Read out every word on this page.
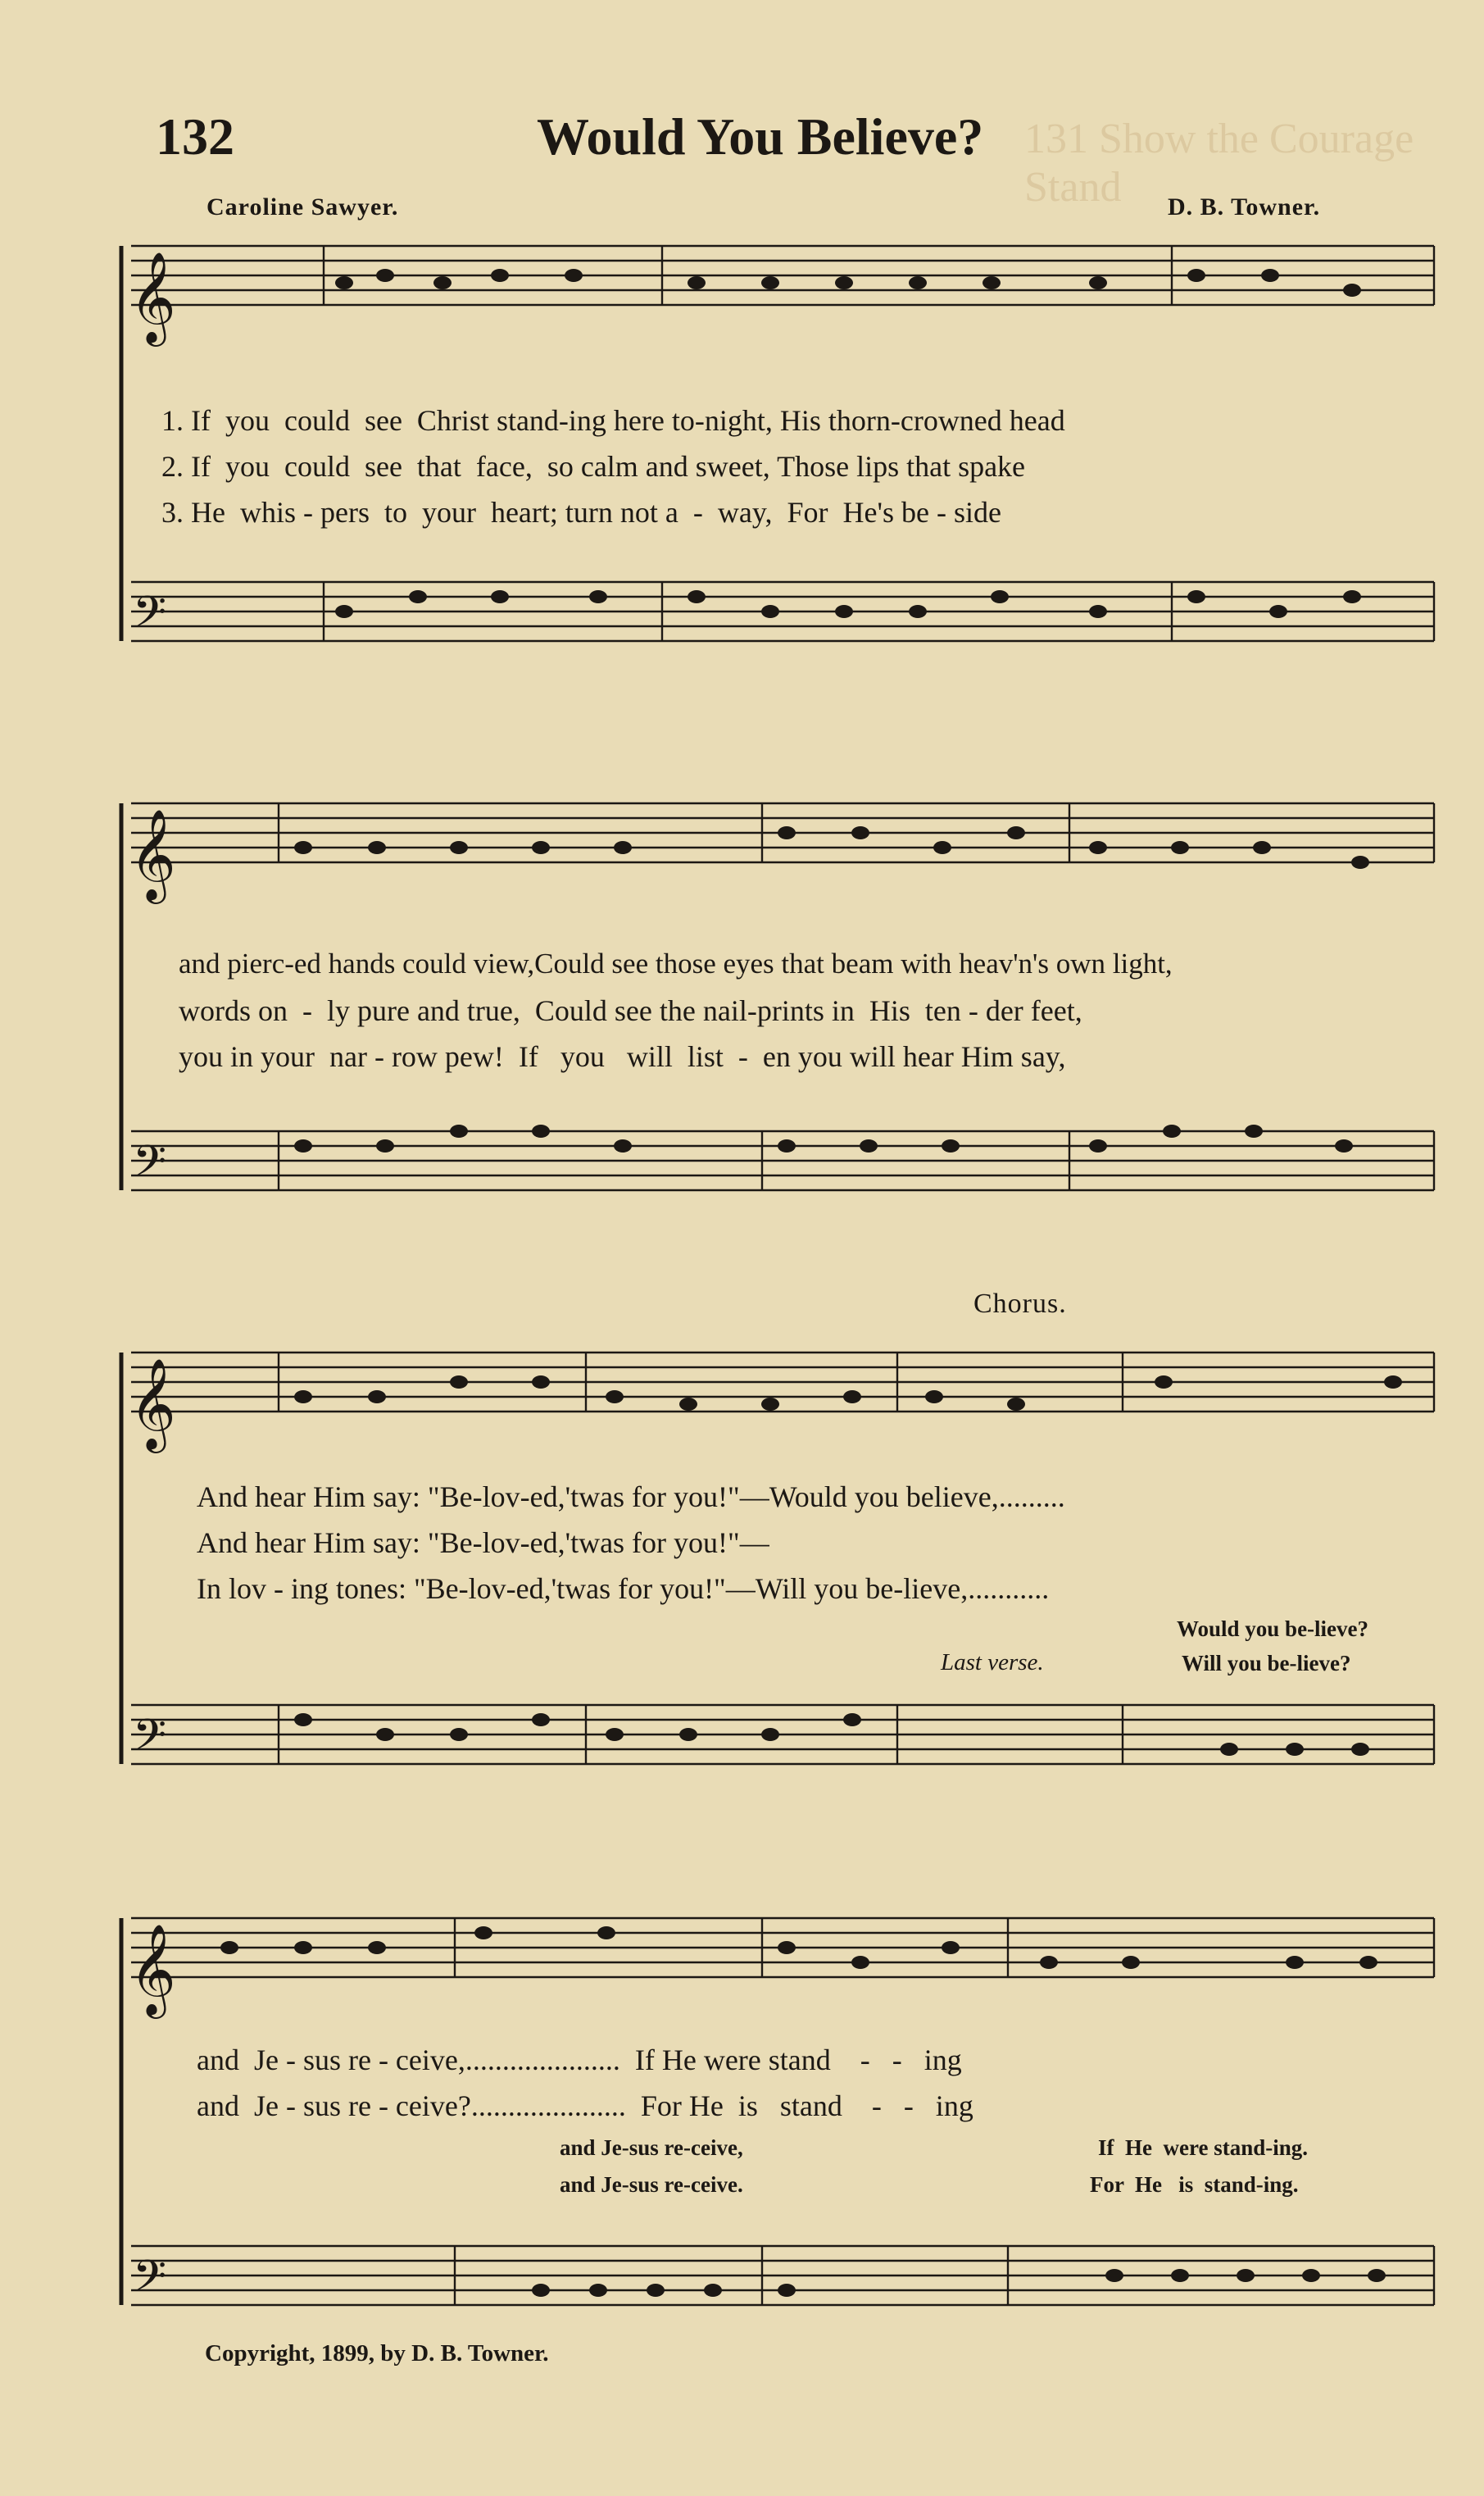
132	Would You Believe? 131 Show the Courage Stand
Caroline Sawyer.	D. B. Towner.
𝄞
𝄞
𝄞
𝄞
𝄢
𝄢
𝄢
𝄢
1. If  you  could  see  Christ stand-ing here to-night, His thorn-crowned head
2. If  you  could  see  that  face,  so calm and sweet, Those lips that spake
3. He  whis - pers  to  your  heart; turn not a  -  way,  For  He's be - side
and pierc-ed hands could view,Could see those eyes that beam with heav'n's own light,
words on  -  ly pure and true,  Could see the nail-prints in  His  ten - der feet,
you in your  nar - row pew!  If   you   will  list  -  en you will hear Him say,
Chorus.
And hear Him say: "Be-lov-ed,'twas for you!"—Would you believe,.........
And hear Him say: "Be-lov-ed,'twas for you!"—
In lov - ing tones: "Be-lov-ed,'twas for you!"—Will you be-lieve,...........
Would you be-lieve?
Will you be-lieve?
Last verse.
and  Je - sus re - ceive,.....................  If He were stand    -   -   ing
and  Je - sus re - ceive?.....................  For He  is   stand    -   -   ing
and Je-sus re-ceive,
and Je-sus re-ceive.
If  He  were stand-ing.
For  He   is  stand-ing.
Copyright, 1899, by D. B. Towner.
